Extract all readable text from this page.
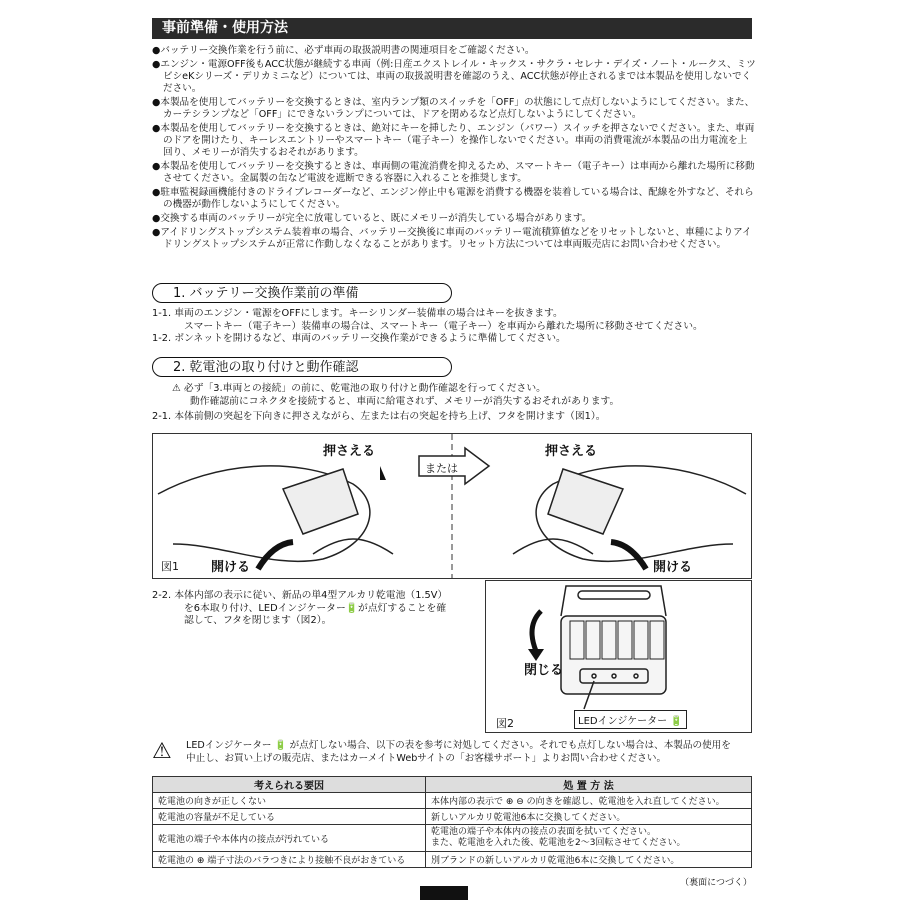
事前準備・使用方法
●バッテリー交換作業を行う前に、必ず車両の取扱説明書の関連項目をご確認ください。
●エンジン・電源OFF後もACC状態が継続する車両（例:日産エクストレイル・キックス・サクラ・セレナ・デイズ・ノート・ルークス、ミツビシeKシリーズ・デリカミニなど）については、車両の取扱説明書を確認のうえ、ACC状態が停止されるまでは本製品を使用しないでください。
●本製品を使用してバッテリーを交換するときは、室内ランプ類のスイッチを「OFF」の状態にして点灯しないようにしてください。また、カーテシランプなど「OFF」にできないランプについては、ドアを閉めるなど点灯しないようにしてください。
●本製品を使用してバッテリーを交換するときは、絶対にキーを挿したり、エンジン（パワー）スイッチを押さないでください。また、車両のドアを開けたり、キーレスエントリーやスマートキー（電子キー）を操作しないでください。車両の消費電流が本製品の出力電流を上回り、メモリーが消失するおそれがあります。
●本製品を使用してバッテリーを交換するときは、車両側の電流消費を抑えるため、スマートキー（電子キー）は車両から離れた場所に移動させてください。金属製の缶など電波を遮断できる容器に入れることを推奨します。
●駐車監視録画機能付きのドライブレコーダーなど、エンジン停止中も電源を消費する機器を装着している場合は、配線を外すなど、それらの機器が動作しないようにしてください。
●交換する車両のバッテリーが完全に放電していると、既にメモリーが消失している場合があります。
●アイドリングストップシステム装着車の場合、バッテリー交換後に車両のバッテリー電流積算値などをリセットしないと、車種によりアイドリングストップシステムが正常に作動しなくなることがあります。リセット方法については車両販売店にお問い合わせください。
1. バッテリー交換作業前の準備
1-1. 車両のエンジン・電源をOFFにします。キーシリンダー装備車の場合はキーを抜きます。
スマートキー（電子キー）装備車の場合は、スマートキー（電子キー）を車両から離れた場所に移動させてください。
1-2. ボンネットを開けるなど、車両のバッテリー交換作業ができるように準備してください。
2. 乾電池の取り付けと動作確認
⚠ 必ず「3.車両との接続」の前に、乾電池の取り付けと動作確認を行ってください。
動作確認前にコネクタを接続すると、車両に給電されず、メモリーが消失するおそれがあります。
2-1. 本体前側の突起を下向きに押さえながら、左または右の突起を持ち上げ、フタを開けます（図1）。
押さえる	押さえる
または
開ける	開ける
図1
2-2. 本体内部の表示に従い、新品の単4型アルカリ乾電池（1.5V）
を6本取り付け、LEDインジケーター🔋が点灯することを確
認して、フタを閉じます（図2）。
閉じる
図2	LEDインジケーター 🔋
⚠	LEDインジケーター 🔋 が点灯しない場合、以下の表を参考に対処してください。それでも点灯しない場合は、本製品の使用を
中止し、お買い上げの販売店、またはカーメイトWebサイトの「お客様サポート」よりお問い合わせください。
考えられる要因	処 置 方 法
乾電池の向きが正しくない	本体内部の表示で ⊕ ⊖ の向きを確認し、乾電池を入れ直してください。
乾電池の容量が不足している	新しいアルカリ乾電池6本に交換してください。
乾電池の端子や本体内の接点が汚れている	乾電池の端子や本体内の接点の表面を拭いてください。
また、乾電池を入れた後、乾電池を2〜3回転させてください。
乾電池の ⊕ 端子寸法のバラつきにより接触不良がおきている	別ブランドの新しいアルカリ乾電池6本に交換してください。
（裏面につづく）
